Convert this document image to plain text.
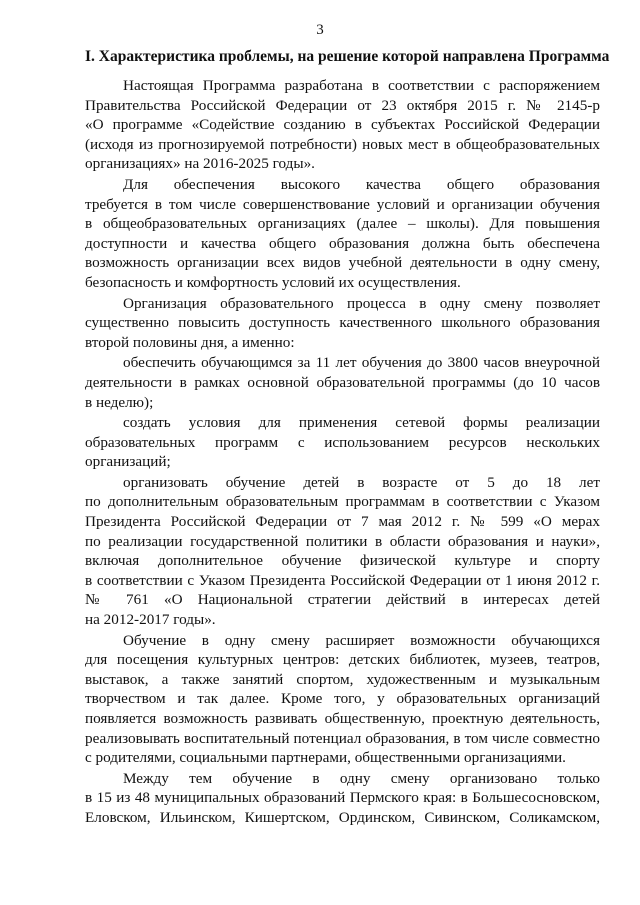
3
I. Характеристика проблемы, на решение которой направлена Программа

Настоящая Программа разработана в соответствии с распоряжением
Правительства Российской Федерации от 23 октября 2015 г. № 2145-р
«О программе «Содействие созданию в субъектах Российской Федерации
(исходя из прогнозируемой потребности) новых мест в общеобразовательных
организациях» на 2016-2025 годы».

Для обеспечения высокого качества общего образования
требуется в том числе совершенствование условий и организации обучения
в общеобразовательных организациях (далее – школы). Для повышения
доступности и качества общего образования должна быть обеспечена
возможность организации всех видов учебной деятельности в одну смену,
безопасность и комфортность условий их осуществления.

Организация образовательного процесса в одну смену позволяет
существенно повысить доступность качественного школьного образования
второй половины дня, а именно:

обеспечить обучающимся за 11 лет обучения до 3800 часов внеурочной
деятельности в рамках основной образовательной программы (до 10 часов
в неделю);

создать условия для применения сетевой формы реализации
образовательных программ с использованием ресурсов нескольких
организаций;

организовать обучение детей в возрасте от 5 до 18 лет
по дополнительным образовательным программам в соответствии с Указом
Президента Российской Федерации от 7 мая 2012 г. № 599 «О мерах
по реализации государственной политики в области образования и науки»,
включая дополнительное обучение физической культуре и спорту
в соответствии с Указом Президента Российской Федерации от 1 июня 2012 г.
№ 761 «О Национальной стратегии действий в интересах детей
на 2012-2017 годы».

Обучение в одну смену расширяет возможности обучающихся
для посещения культурных центров: детских библиотек, музеев, театров,
выставок, а также занятий спортом, художественным и музыкальным
творчеством и так далее. Кроме того, у образовательных организаций
появляется возможность развивать общественную, проектную деятельность,
реализовывать воспитательный потенциал образования, в том числе совместно
с родителями, социальными партнерами, общественными организациями.

Между тем обучение в одну смену организовано только
в 15 из 48 муниципальных образований Пермского края: в Большесосновском,
Еловском, Ильинском, Кишертском, Ординском, Сивинском, Соликамском,
